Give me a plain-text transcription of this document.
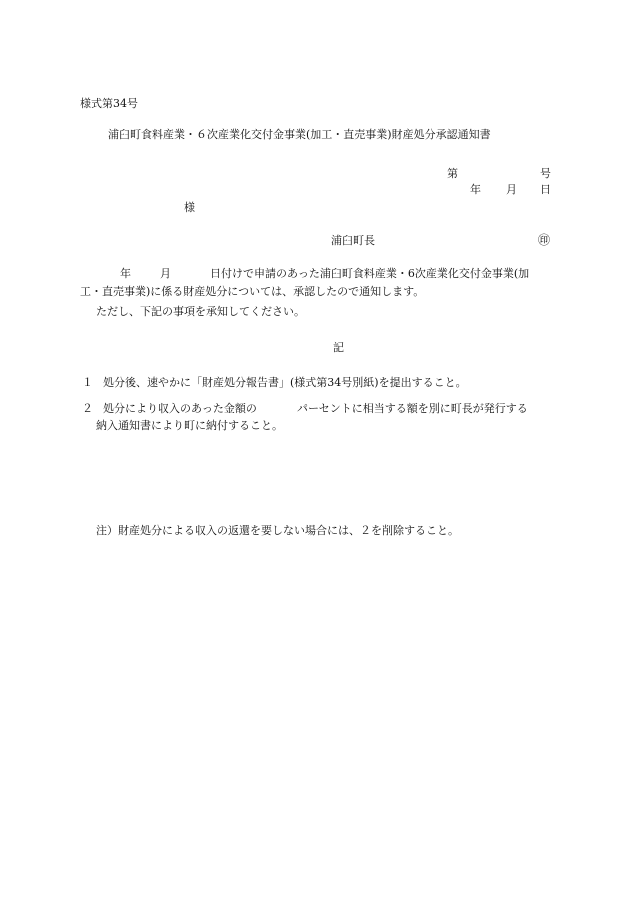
様式第34号
浦臼町食料産業・６次産業化交付金事業(加工・直売事業)財産処分承認通知書
第	号
年 月 日
様
浦臼町長	㊞
年	月	日付けで申請のあった浦臼町食料産業・6次産業化交付金事業(加
工・直売事業)に係る財産処分については、承認したので通知します。
ただし、下記の事項を承知してください。
記
１ 処分後、速やかに「財産処分報告書」(様式第34号別紙)を提出すること。
２ 処分により収入のあった金額の	パーセントに相当する額を別に町長が発行する
納入通知書により町に納付すること。
注）財産処分による収入の返還を要しない場合には、２を削除すること。
